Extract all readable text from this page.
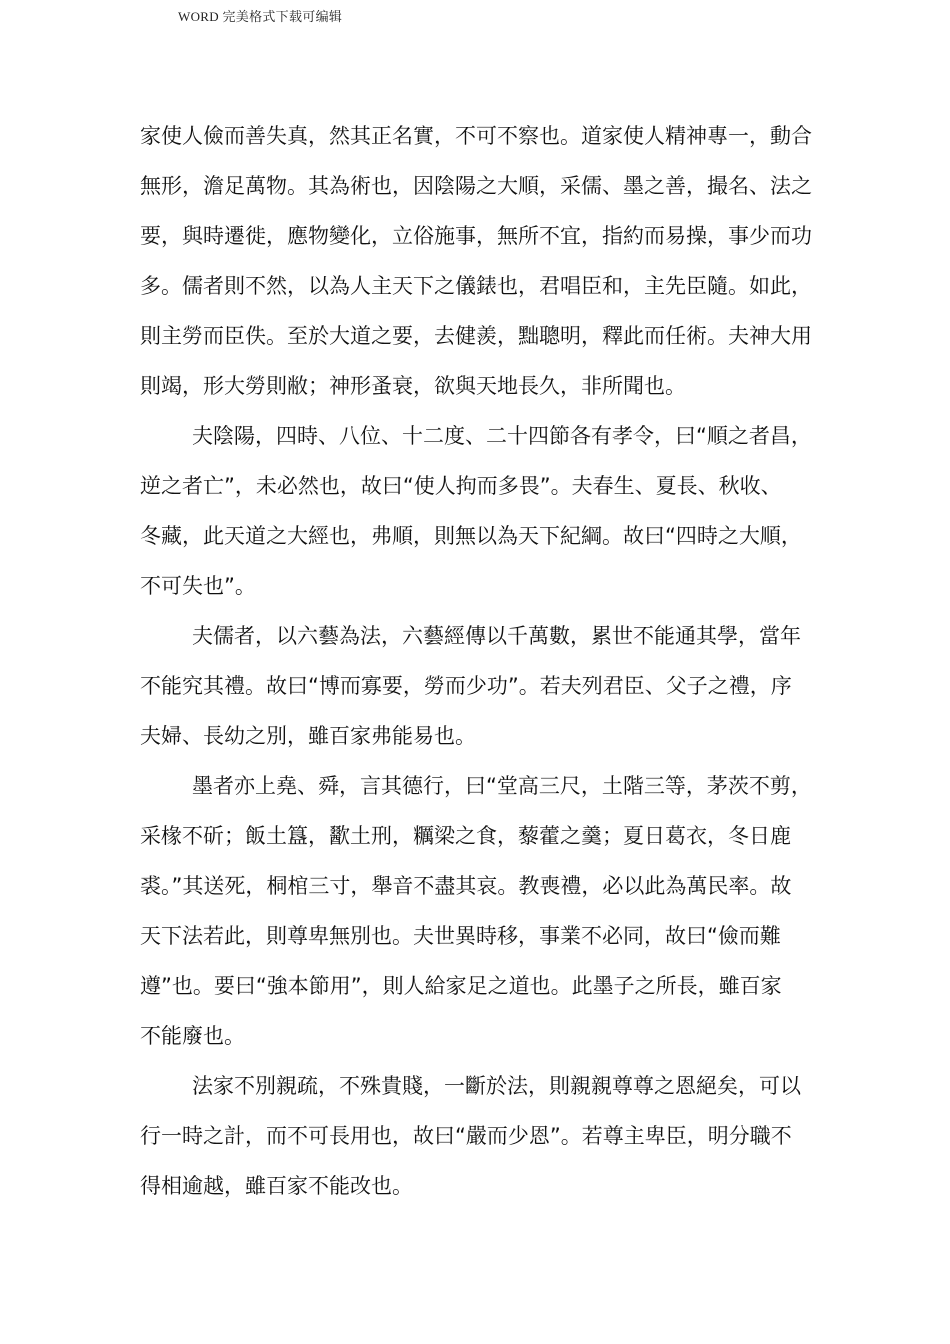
WORD 完美格式下载可编辑

家使人儉而善失真，然其正名實，不可不察也。道家使人精神專一，動合
無形，澹足萬物。其為術也，因陰陽之大順，采儒、墨之善，撮名、法之
要，與時遷徙，應物變化，立俗施事，無所不宜，指約而易操，事少而功
多。儒者則不然，以為人主天下之儀錶也，君唱臣和，主先臣隨。如此，
則主勞而臣佚。至於大道之要，去健羨，黜聰明，釋此而任術。夫神大用
則竭，形大勞則敝；神形蚤衰，欲與天地長久，非所聞也。

夫陰陽，四時、八位、十二度、二十四節各有孝令，曰“順之者昌，
逆之者亡”，未必然也，故曰“使人拘而多畏”。夫春生、夏長、秋收、
冬藏，此天道之大經也，弗順，則無以為天下紀綱。故曰“四時之大順，
不可失也”。

夫儒者，以六藝為法，六藝經傳以千萬數，累世不能通其學，當年
不能究其禮。故曰“博而寡要，勞而少功”。若夫列君臣、父子之禮，序
夫婦、長幼之別，雖百家弗能易也。

墨者亦上堯、舜，言其德行，曰“堂高三尺，土階三等，茅茨不剪，
采椽不斫；飯土簋，歠土刑，糲梁之食，藜藿之羹；夏日葛衣，冬日鹿
裘。”其送死，桐棺三寸，舉音不盡其哀。教喪禮，必以此為萬民率。故
天下法若此，則尊卑無別也。夫世異時移，事業不必同，故曰“儉而難
遵”也。要曰“強本節用”，則人給家足之道也。此墨子之所長，雖百家
不能廢也。

法家不別親疏，不殊貴賤，一斷於法，則親親尊尊之恩絕矣，可以
行一時之計，而不可長用也，故曰“嚴而少恩”。若尊主卑臣，明分職不
得相逾越，雖百家不能改也。
